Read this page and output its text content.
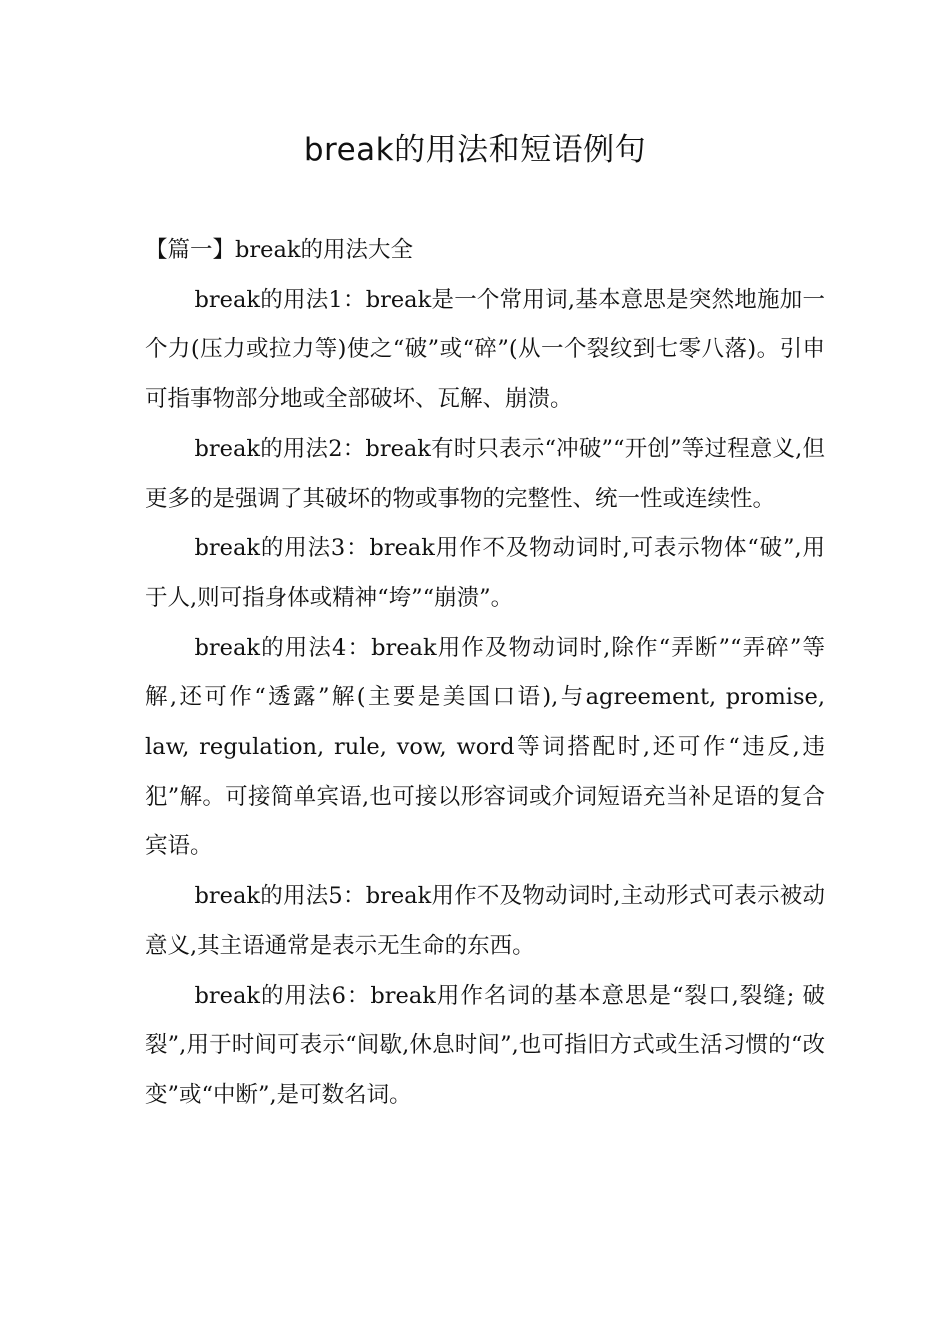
break的用法和短语例句

【篇一】break的用法大全

break的用法1：break是一个常用词,基本意思是突然地施加一个力(压力或拉力等)使之“破”或“碎”(从一个裂纹到七零八落)。引申可指事物部分地或全部破坏、瓦解、崩溃。

break的用法2：break有时只表示“冲破”“开创”等过程意义,但更多的是强调了其破坏的物或事物的完整性、统一性或连续性。

break的用法3：break用作不及物动词时,可表示物体“破”,用于人,则可指身体或精神“垮”“崩溃”。

break的用法4：break用作及物动词时,除作“弄断”“弄碎”等解,还可作“透露”解(主要是美国口语),与agreement, promise, law, regulation, rule, vow, word等词搭配时,还可作“违反,违犯”解。可接简单宾语,也可接以形容词或介词短语充当补足语的复合宾语。

break的用法5：break用作不及物动词时,主动形式可表示被动意义,其主语通常是表示无生命的东西。

break的用法6：break用作名词的基本意思是“裂口,裂缝; 破裂”,用于时间可表示“间歇,休息时间”,也可指旧方式或生活习惯的“改变”或“中断”,是可数名词。
